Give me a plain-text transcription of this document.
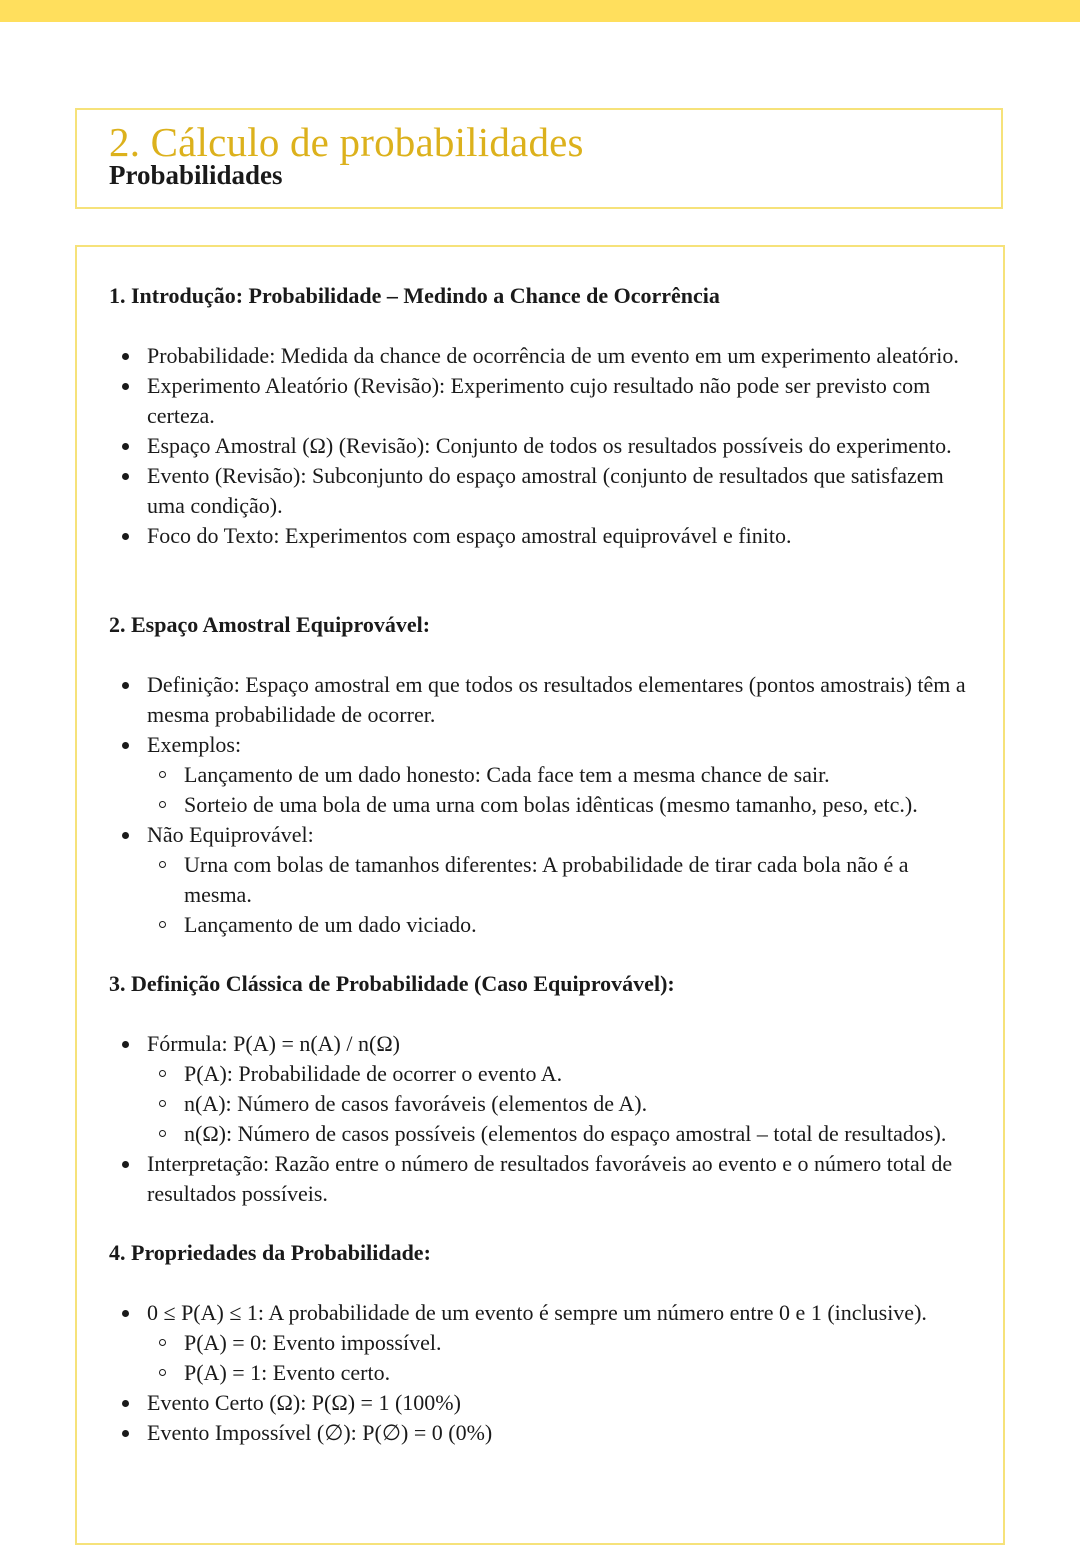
2. Cálculo de probabilidades
Probabilidades
1. Introdução: Probabilidade – Medindo a Chance de Ocorrência
Probabilidade: Medida da chance de ocorrência de um evento em um experimento aleatório.
Experimento Aleatório (Revisão): Experimento cujo resultado não pode ser previsto com certeza.
Espaço Amostral (Ω) (Revisão): Conjunto de todos os resultados possíveis do experimento.
Evento (Revisão): Subconjunto do espaço amostral (conjunto de resultados que satisfazem uma condição).
Foco do Texto: Experimentos com espaço amostral equiprovável e finito.
2. Espaço Amostral Equiprovável:
Definição: Espaço amostral em que todos os resultados elementares (pontos amostrais) têm a mesma probabilidade de ocorrer.
Exemplos:
Lançamento de um dado honesto: Cada face tem a mesma chance de sair.
Sorteio de uma bola de uma urna com bolas idênticas (mesmo tamanho, peso, etc.).
Não Equiprovável:
Urna com bolas de tamanhos diferentes: A probabilidade de tirar cada bola não é a mesma.
Lançamento de um dado viciado.
3. Definição Clássica de Probabilidade (Caso Equiprovável):
Fórmula: P(A) = n(A) / n(Ω)
P(A): Probabilidade de ocorrer o evento A.
n(A): Número de casos favoráveis (elementos de A).
n(Ω): Número de casos possíveis (elementos do espaço amostral – total de resultados).
Interpretação: Razão entre o número de resultados favoráveis ao evento e o número total de resultados possíveis.
4. Propriedades da Probabilidade:
0 ≤ P(A) ≤ 1: A probabilidade de um evento é sempre um número entre 0 e 1 (inclusive).
P(A) = 0: Evento impossível.
P(A) = 1: Evento certo.
Evento Certo (Ω): P(Ω) = 1 (100%)
Evento Impossível (∅): P(∅) = 0 (0%)
